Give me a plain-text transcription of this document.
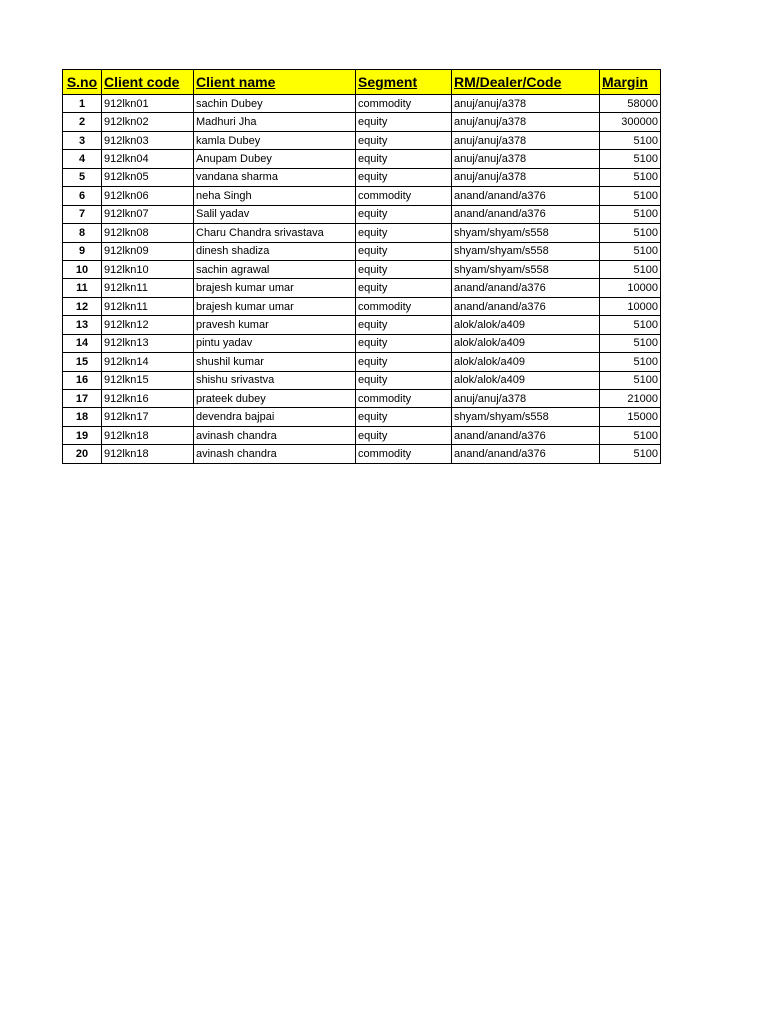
S.no	Client code	Client name	Segment	RM/Dealer/Code	Margin
1	912lkn01	sachin Dubey	commodity	anuj/anuj/a378	58000
2	912lkn02	Madhuri Jha	equity	anuj/anuj/a378	300000
3	912lkn03	kamla Dubey	equity	anuj/anuj/a378	5100
4	912lkn04	Anupam Dubey	equity	anuj/anuj/a378	5100
5	912lkn05	vandana sharma	equity	anuj/anuj/a378	5100
6	912lkn06	neha Singh	commodity	anand/anand/a376	5100
7	912lkn07	Salil yadav	equity	anand/anand/a376	5100
8	912lkn08	Charu Chandra srivastava	equity	shyam/shyam/s558	5100
9	912lkn09	dinesh shadiza	equity	shyam/shyam/s558	5100
10	912lkn10	sachin agrawal	equity	shyam/shyam/s558	5100
11	912lkn11	brajesh kumar umar	equity	anand/anand/a376	10000
12	912lkn11	brajesh kumar umar	commodity	anand/anand/a376	10000
13	912lkn12	pravesh kumar	equity	alok/alok/a409	5100
14	912lkn13	pintu yadav	equity	alok/alok/a409	5100
15	912lkn14	shushil kumar	equity	alok/alok/a409	5100
16	912lkn15	shishu srivastva	equity	alok/alok/a409	5100
17	912lkn16	prateek dubey	commodity	anuj/anuj/a378	21000
18	912lkn17	devendra bajpai	equity	shyam/shyam/s558	15000
19	912lkn18	avinash chandra	equity	anand/anand/a376	5100
20	912lkn18	avinash chandra	commodity	anand/anand/a376	5100
